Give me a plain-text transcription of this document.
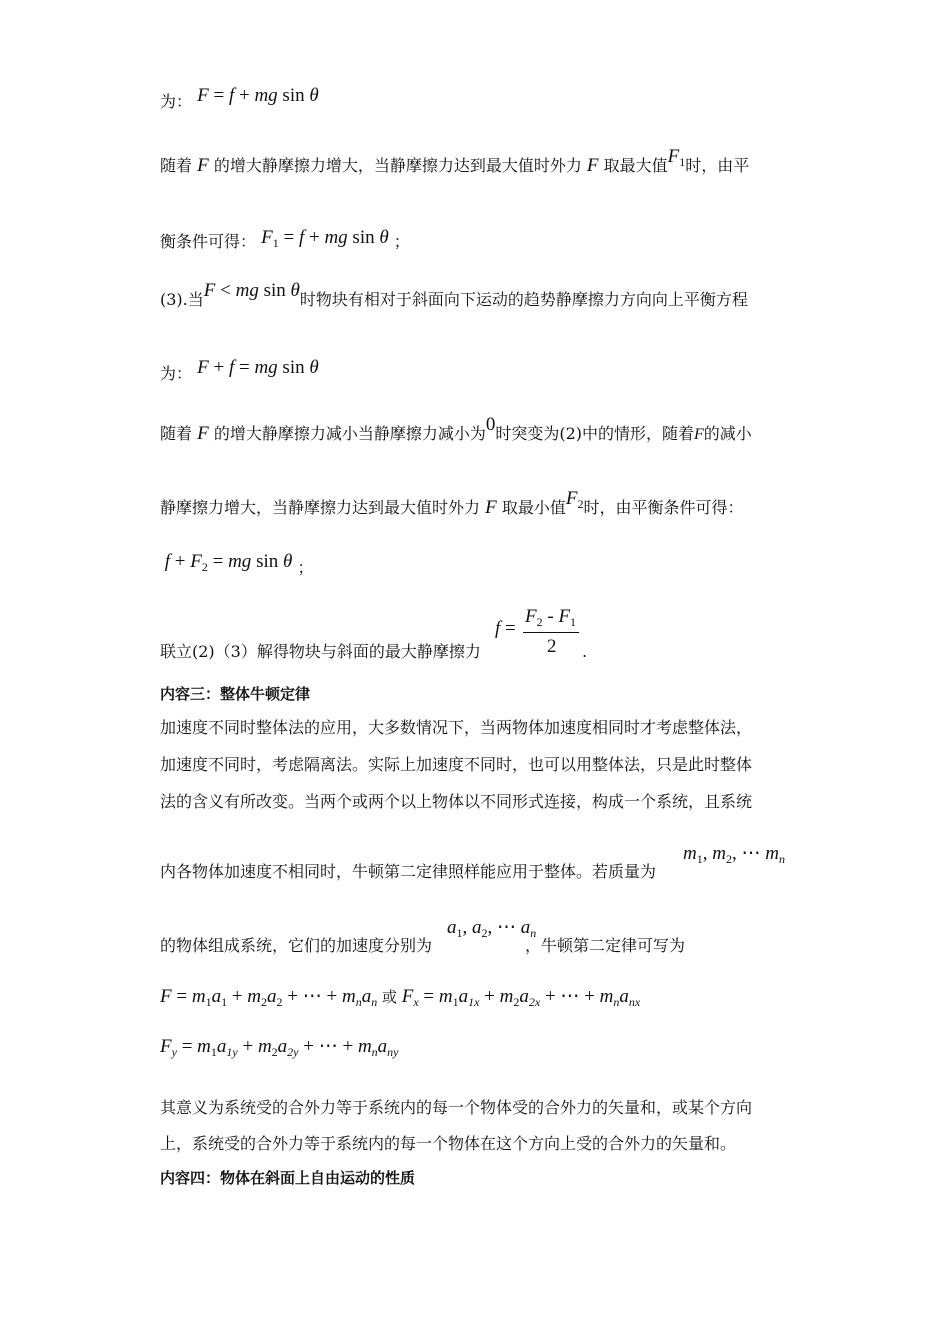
为： F = f + mg sin θ
随着 F 的增大静摩擦力增大，当静摩擦力达到最大值时外力 F 取最大值$F_1$时，由平
衡条件可得： $F_1 = f$ + mg sin θ ；
(3).当F < mg sin θ时物块有相对于斜面向下运动的趋势静摩擦力方向向上平衡方程
为： F + f = mg sin θ
随着 F 的增大静摩擦力减小当静摩擦力减小为0时突变为(2)中的情形，随着F的减小
静摩擦力增大，当静摩擦力达到最大值时外力 F 取最小值$F_2$时，由平衡条件可得：
$f + F_2$ = mg sin θ ；
联立(2)（3）解得物块与斜面的最大静摩擦力
f =
$F_2 - F_1$
2 .
内容三：整体牛顿定律
加速度不同时整体法的应用，大多数情况下，当两物体加速度相同时才考虑整体法，
加速度不同时，考虑隔离法。实际上加速度不同时，也可以用整体法，只是此时整体
法的含义有所改变。当两个或两个以上物体以不同形式连接，构成一个系统，且系统
内各物体加速度不相同时，牛顿第二定律照样能应用于整体。若质量为
$m_1$, $m_2$, ⋯ $m_n$
的物体组成系统，它们的加速度分别为	，牛顿第二定律可写为
$a_1$, $a_2$, ⋯ $a_n$
$F = m_1a_1 + m_2a_2$ + ⋯ + $m_na_n$ 或 $F_x = m_1a_{1x} + m_2a_{2x}$ + ⋯ + $m_na_{nx}$
$F_y = m_1a_{1y} + m_2a_{2y}$ + ⋯ + $m_na_{ny}$
其意义为系统受的合外力等于系统内的每一个物体受的合外力的矢量和，或某个方向
上，系统受的合外力等于系统内的每一个物体在这个方向上受的合外力的矢量和。
内容四：物体在斜面上自由运动的性质
